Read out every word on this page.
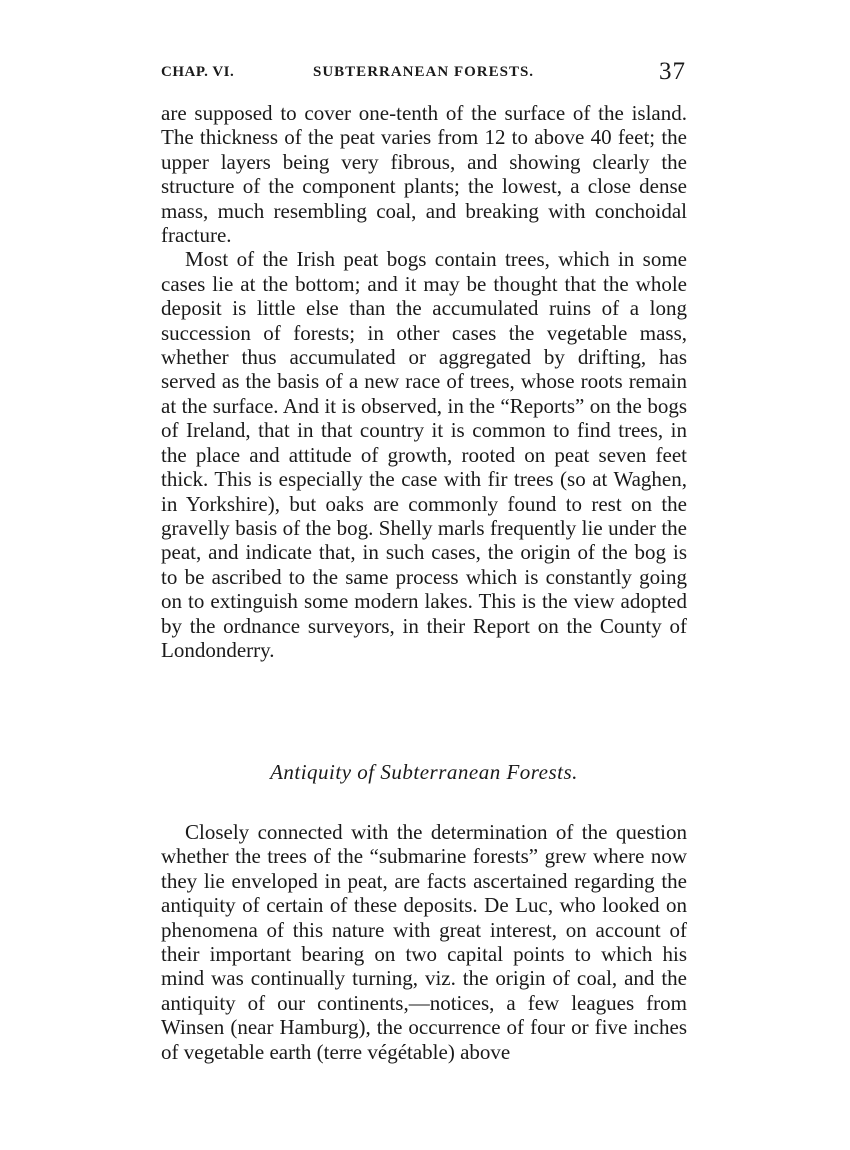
CHAP. VI.	SUBTERRANEAN FORESTS.	37

are supposed to cover one-tenth of the surface of the island. The thickness of the peat varies from 12 to above 40 feet; the upper layers being very fibrous, and showing clearly the structure of the component plants; the lowest, a close dense mass, much resembling coal, and breaking with conchoidal fracture.

Most of the Irish peat bogs contain trees, which in some cases lie at the bottom; and it may be thought that the whole deposit is little else than the accumulated ruins of a long succession of forests; in other cases the vegetable mass, whether thus accumulated or aggregated by drifting, has served as the basis of a new race of trees, whose roots remain at the surface. And it is observed, in the “Reports” on the bogs of Ireland, that in that country it is common to find trees, in the place and attitude of growth, rooted on peat seven feet thick. This is especially the case with fir trees (so at Waghen, in Yorkshire), but oaks are commonly found to rest on the gravelly basis of the bog. Shelly marls frequently lie under the peat, and indicate that, in such cases, the origin of the bog is to be ascribed to the same process which is constantly going on to extinguish some modern lakes. This is the view adopted by the ordnance surveyors, in their Report on the County of Londonderry.

Antiquity of Subterranean Forests.

Closely connected with the determination of the question whether the trees of the “submarine forests” grew where now they lie enveloped in peat, are facts ascertained regarding the antiquity of certain of these deposits. De Luc, who looked on phenomena of this nature with great interest, on account of their important bearing on two capital points to which his mind was continually turning, viz. the origin of coal, and the antiquity of our continents,—notices, a few leagues from Winsen (near Hamburg), the occurrence of four or five inches of vegetable earth (terre végétable) above
